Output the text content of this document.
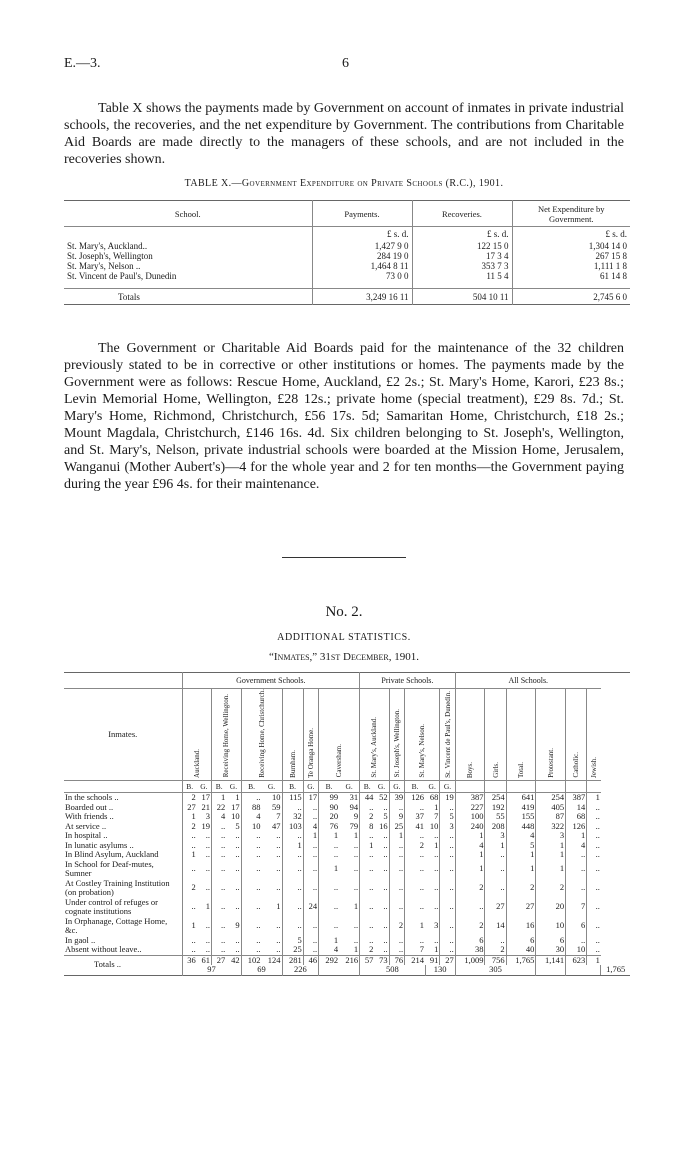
E.—3.	6

Table X shows the payments made by Government on account of inmates in private industrial schools, the recoveries, and the net expenditure by Government. The contributions from Charitable Aid Boards are made directly to the managers of these schools, and are not included in the recoveries shown.

TABLE X.—Government Expenditure on Private Schools (R.C.), 1901.
School.	Payments.	Recoveries.	Net Expenditure by Government.
	£ s. d.	£ s. d.	£ s. d.
St. Mary's, Auckland..	1,427 9 0	122 15 0	1,304 14 0
St. Joseph's, Wellington	284 19 0	17 3 4	267 15 8
St. Mary's, Nelson ..	1,464 8 11	353 7 3	1,111 1 8
St. Vincent de Paul's, Dunedin	73 0 0	11 5 4	61 14 8

Totals	3,249 16 11	504 10 11	2,745 6 0

The Government or Charitable Aid Boards paid for the maintenance of the 32 children previously stated to be in corrective or other institutions or homes. The payments made by the Government were as follows: Rescue Home, Auckland, £2 2s.; St. Mary's Home, Karori, £23 8s.; Levin Memorial Home, Wellington, £28 12s.; private home (special treatment), £29 8s. 7d.; St. Mary's Home, Richmond, Christchurch, £56 17s. 5d; Samaritan Home, Christchurch, £18 2s.; Mount Magdala, Christchurch, £146 16s. 4d. Six children belonging to St. Joseph's, Wellington, and St. Mary's, Nelson, private industrial schools were boarded at the Mission Home, Jerusalem, Wanganui (Mother Aubert's)—4 for the whole year and 2 for ten months—the Government paying during the year £96 4s. for their maintenance.

No. 2.
ADDITIONAL STATISTICS.
“Inmates,” 31st December, 1901.
	Government Schools.										Private Schools.						All Schools.						
Inmates.	Auckland.		Receiving Home, Wellington.		Receiving Home, Christchurch.		Burnham.	Te Oranga Home.	Caversham.		St. Mary's, Auckland.		St. Joseph's, Wellington.	St. Mary's, Nelson.		St. Vincent de Paul's, Dunedin.	Boys.	Girls.	Total.	Protestant.	Catholic.	Jewish.	
	B.	G.	B.	G.	B.	G.	B.	G.	B.	G.	B.	G.	G.	B.	G.	G.							
In the schools ..	2	17	1	1	..	10	115	17	99	31	44	52	39	126	68	19	387	254	641	254	387	1	
Boarded out ..	27	21	22	17	88	59	..	..	90	94	..	..	..	..	1	..	227	192	419	405	14	..	
With friends ..	1	3	4	10	4	7	32	..	20	9	2	5	9	37	7	5	100	55	155	87	68	..	
At service ..	2	19	..	5	10	47	103	4	76	79	8	16	25	41	10	3	240	208	448	322	126	..	
In hospital ..	..	..	..	..	..	..	..	1	1	1	..	..	1	..	..	..	1	3	4	3	1	..	
In lunatic asylums ..	..	..	..	..	..	..	1	..	..	..	1	..	..	2	1	..	4	1	5	1	4	..	
In Blind Asylum, Auckland	1	..	..	..	..	..	..	..	..	..	..	..	..	..	..	..	1	..	1	1	..	..	
In School for Deaf-mutes, Sumner	..	..	..	..	..	..	..	..	1	..	..	..	..	..	..	..	1	..	1	1	..	..	
At Costley Training Institution (on probation)	2	..	..	..	..	..	..	..	..	..	..	..	..	..	..	..	2	..	2	2	..	..	
Under control of refuges or cognate institutions	..	1	..	..	..	1	..	24	..	1	..	..	..	..	..	..	..	27	27	20	7	..	
In Orphanage, Cottage Home, &c.	1	..	..	9	..	..	..	..	..	..	..	..	2	1	3	..	2	14	16	10	6	..	
In gaol ..	..	..	..	..	..	..	5	..	1	..	..	..	..	..	..	..	6	..	6	6	..	..	
Absent without leave..	..	..	..	..	..	..	25	..	4	1	2	..	..	7	1	..	38	2	40	30	10	..	
Totals ..	36	61	27	42	102	124	281	46	292	216	57	73	76	214	91	27	1,009	756	1,765	1,141	623	1	
	97				69		226				508				130		305						1,765
